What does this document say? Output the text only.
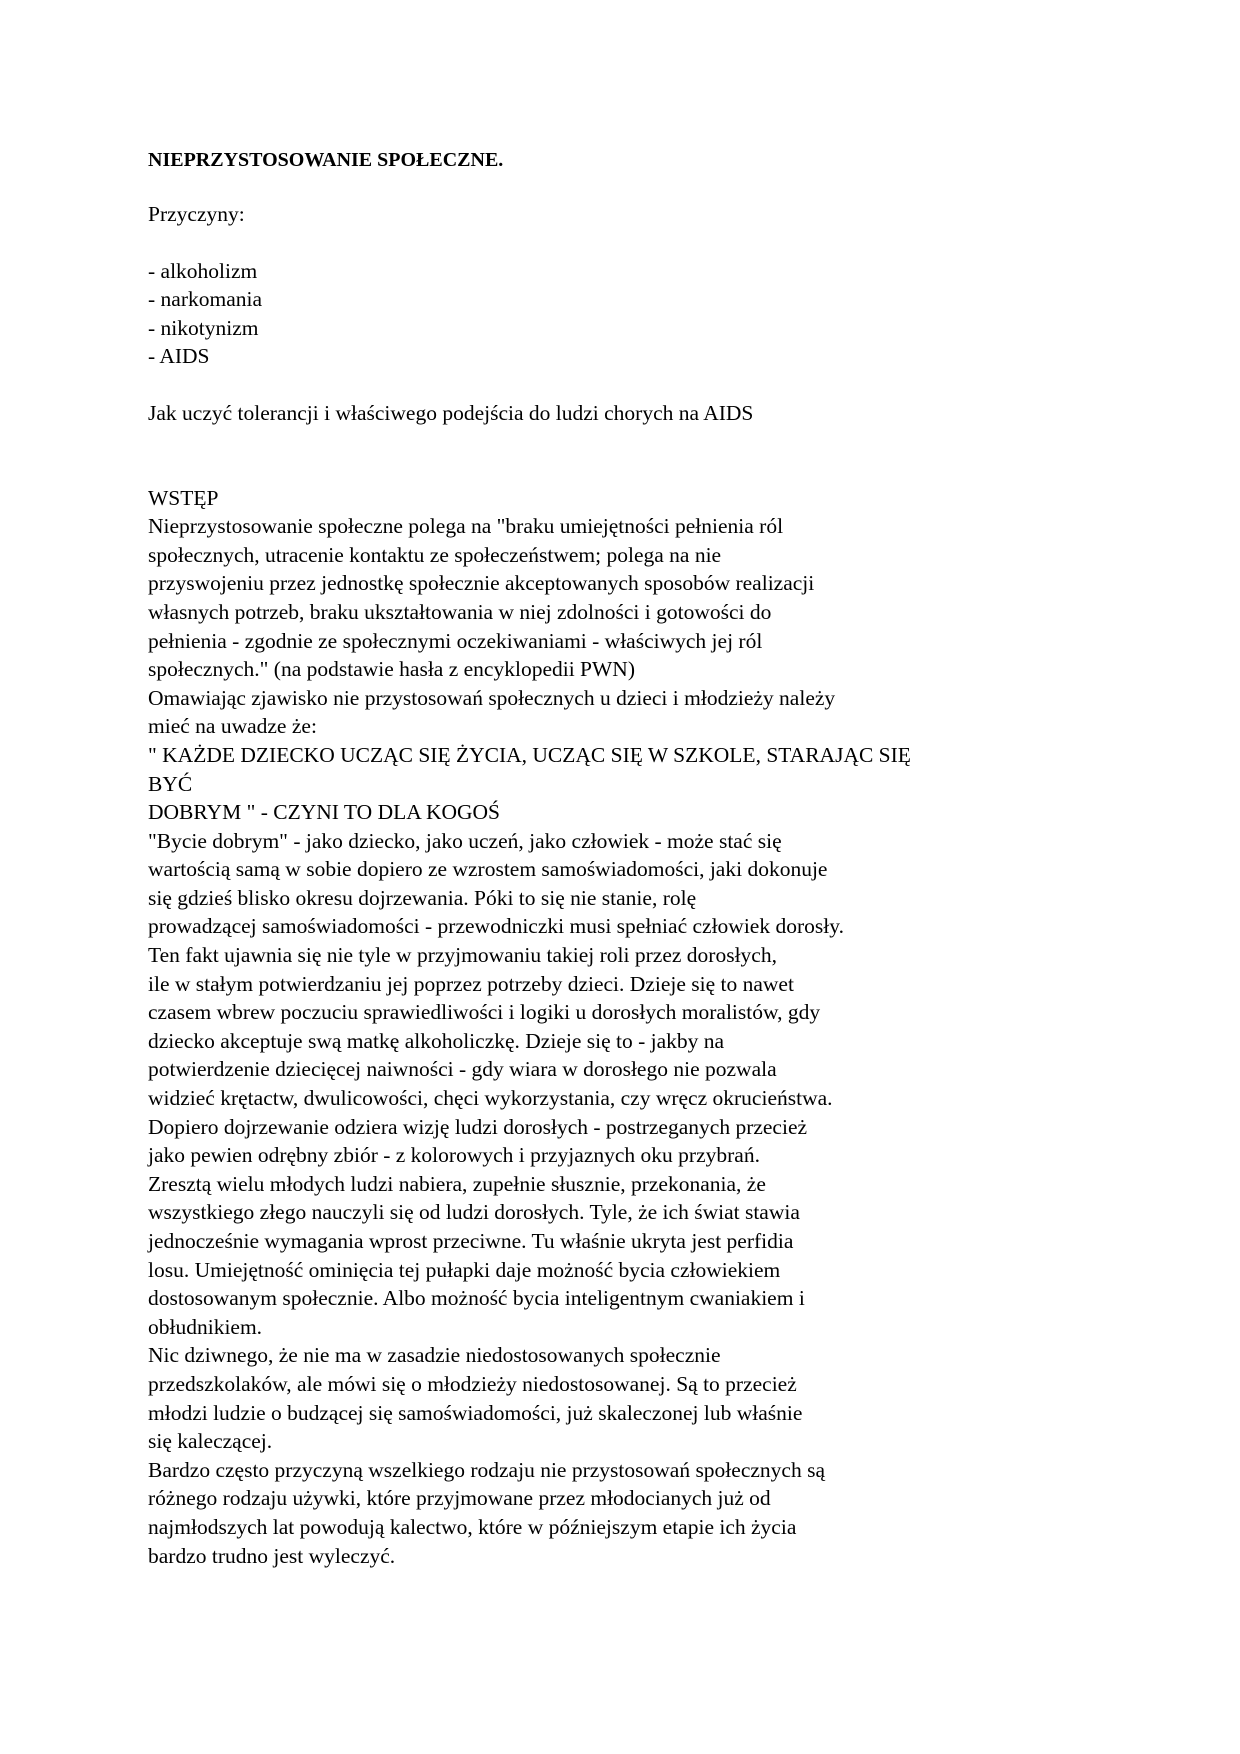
NIEPRZYSTOSOWANIE SPOŁECZNE.

Przyczyny:

- alkoholizm
- narkomania
- nikotynizm
- AIDS

Jak uczyć tolerancji i właściwego podejścia do ludzi chorych na AIDS

WSTĘP

Nieprzystosowanie społeczne polega na "braku umiejętności pełnienia ról
społecznych, utracenie kontaktu ze społeczeństwem; polega na nie
przyswojeniu przez jednostkę społecznie akceptowanych sposobów realizacji
własnych potrzeb, braku ukształtowania w niej zdolności i gotowości do
pełnienia - zgodnie ze społecznymi oczekiwaniami - właściwych jej ról
społecznych." (na podstawie hasła z encyklopedii PWN)
Omawiając zjawisko nie przystosowań społecznych u dzieci i młodzieży należy
mieć na uwadze że:
" KAŻDE DZIECKO UCZĄC SIĘ ŻYCIA, UCZĄC SIĘ W SZKOLE, STARAJĄC SIĘ
BYĆ
DOBRYM " - CZYNI TO DLA KOGOŚ
"Bycie dobrym" - jako dziecko, jako uczeń, jako człowiek - może stać się
wartością samą w sobie dopiero ze wzrostem samoświadomości, jaki dokonuje
się gdzieś blisko okresu dojrzewania. Póki to się nie stanie, rolę
prowadzącej samoświadomości - przewodniczki musi spełniać człowiek dorosły.
Ten fakt ujawnia się nie tyle w przyjmowaniu takiej roli przez dorosłych,
ile w stałym potwierdzaniu jej poprzez potrzeby dzieci. Dzieje się to nawet
czasem wbrew poczuciu sprawiedliwości i logiki u dorosłych moralistów, gdy
dziecko akceptuje swą matkę alkoholiczkę. Dzieje się to - jakby na
potwierdzenie dziecięcej naiwności - gdy wiara w dorosłego nie pozwala
widzieć krętactw, dwulicowości, chęci wykorzystania, czy wręcz okrucieństwa.
Dopiero dojrzewanie odziera wizję ludzi dorosłych - postrzeganych przecież
jako pewien odrębny zbiór - z kolorowych i przyjaznych oku przybrań.
Zresztą wielu młodych ludzi nabiera, zupełnie słusznie, przekonania, że
wszystkiego złego nauczyli się od ludzi dorosłych. Tyle, że ich świat stawia
jednocześnie wymagania wprost przeciwne. Tu właśnie ukryta jest perfidia
losu. Umiejętność ominięcia tej pułapki daje możność bycia człowiekiem
dostosowanym społecznie. Albo możność bycia inteligentnym cwaniakiem i
obłudnikiem.
Nic dziwnego, że nie ma w zasadzie niedostosowanych społecznie
przedszkolaków, ale mówi się o młodzieży niedostosowanej. Są to przecież
młodzi ludzie o budzącej się samoświadomości, już skaleczonej lub właśnie
się kaleczącej.
Bardzo często przyczyną wszelkiego rodzaju nie przystosowań społecznych są
różnego rodzaju używki, które przyjmowane przez młodocianych już od
najmłodszych lat powodują kalectwo, które w późniejszym etapie ich życia
bardzo trudno jest wyleczyć.
